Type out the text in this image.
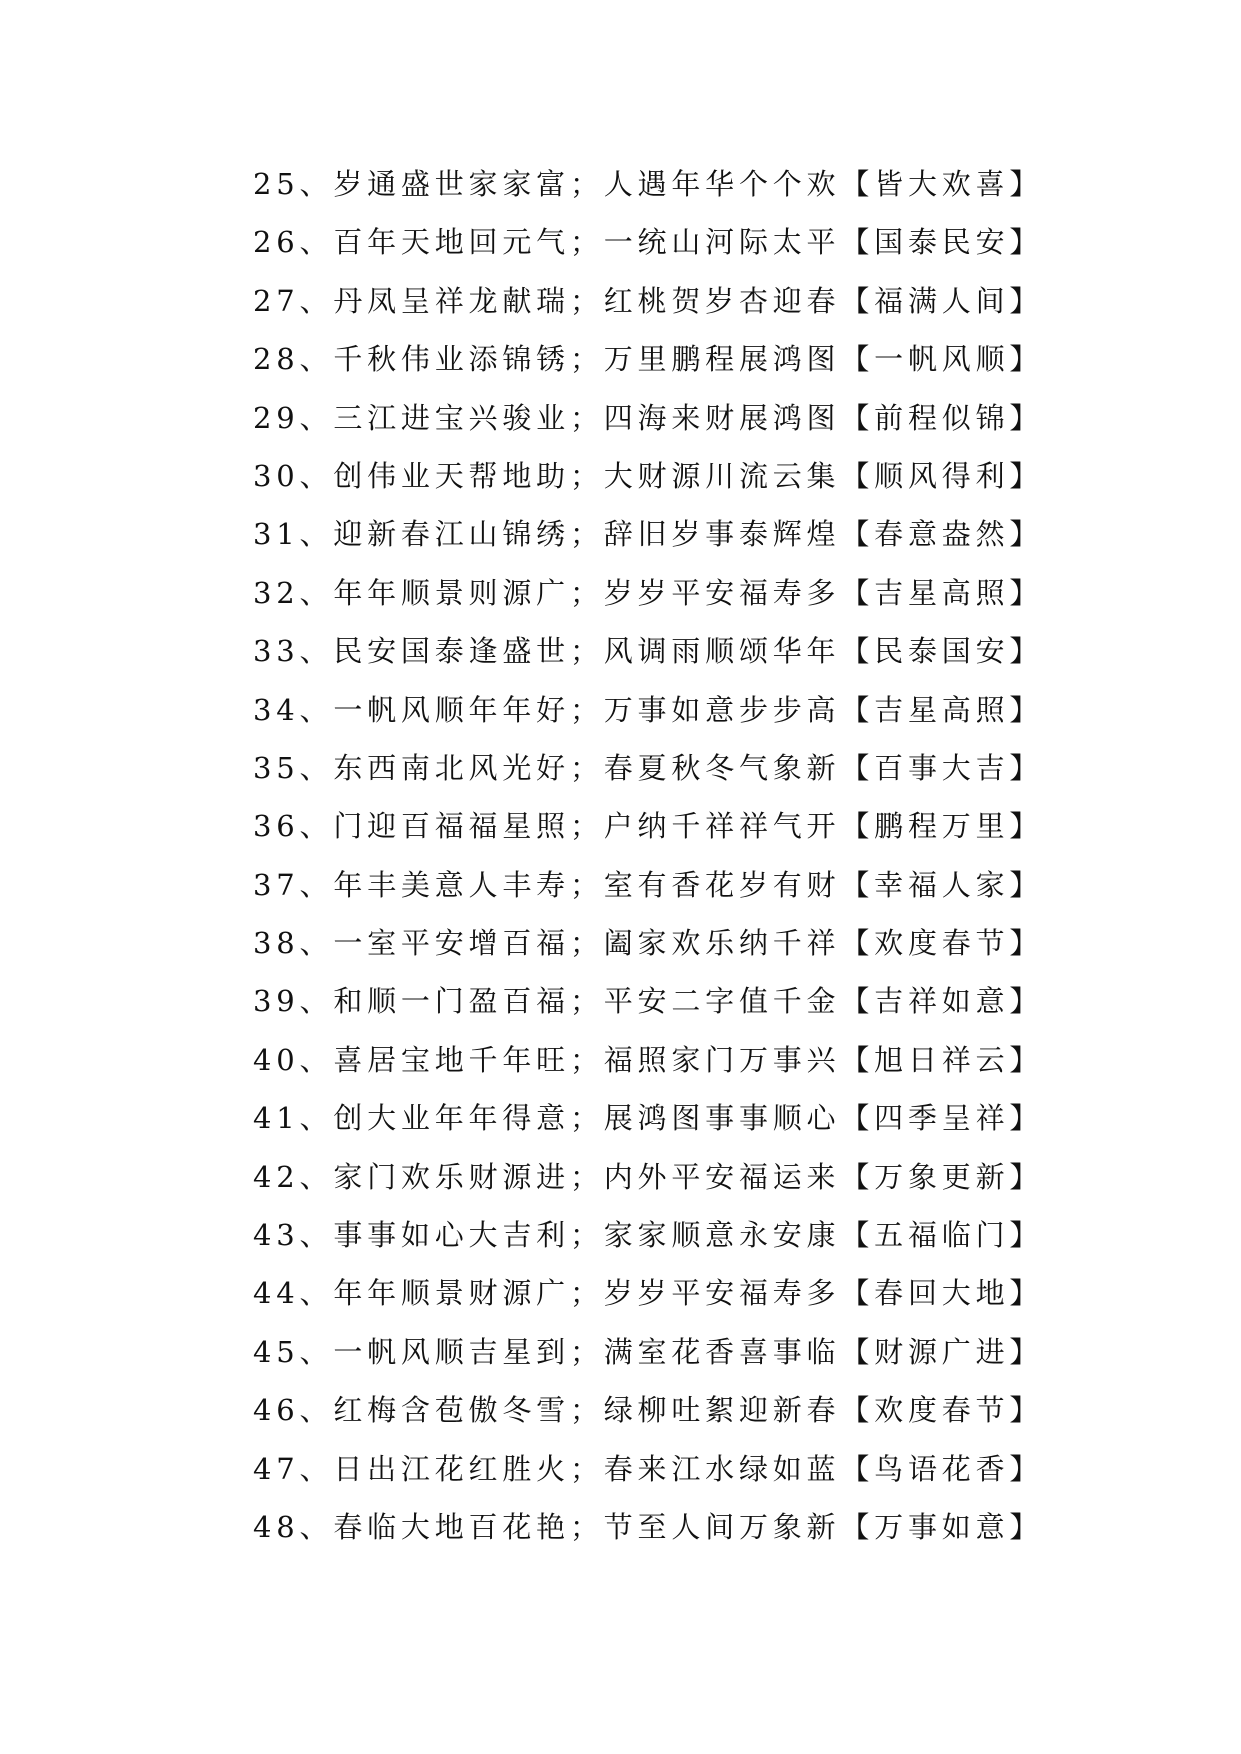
25、岁通盛世家家富；人遇年华个个欢【皆大欢喜】
26、百年天地回元气；一统山河际太平【国泰民安】
27、丹凤呈祥龙献瑞；红桃贺岁杏迎春【福满人间】
28、千秋伟业添锦锈；万里鹏程展鸿图【一帆风顺】
29、三江进宝兴骏业；四海来财展鸿图【前程似锦】
30、创伟业天帮地助；大财源川流云集【顺风得利】
31、迎新春江山锦绣；辞旧岁事泰辉煌【春意盎然】
32、年年顺景则源广；岁岁平安福寿多【吉星高照】
33、民安国泰逢盛世；风调雨顺颂华年【民泰国安】
34、一帆风顺年年好；万事如意步步高【吉星高照】
35、东西南北风光好；春夏秋冬气象新【百事大吉】
36、门迎百福福星照；户纳千祥祥气开【鹏程万里】
37、年丰美意人丰寿；室有香花岁有财【幸福人家】
38、一室平安增百福；阖家欢乐纳千祥【欢度春节】
39、和顺一门盈百福；平安二字值千金【吉祥如意】
40、喜居宝地千年旺；福照家门万事兴【旭日祥云】
41、创大业年年得意；展鸿图事事顺心【四季呈祥】
42、家门欢乐财源进；内外平安福运来【万象更新】
43、事事如心大吉利；家家顺意永安康【五福临门】
44、年年顺景财源广；岁岁平安福寿多【春回大地】
45、一帆风顺吉星到；满室花香喜事临【财源广进】
46、红梅含苞傲冬雪；绿柳吐絮迎新春【欢度春节】
47、日出江花红胜火；春来江水绿如蓝【鸟语花香】
48、春临大地百花艳；节至人间万象新【万事如意】
